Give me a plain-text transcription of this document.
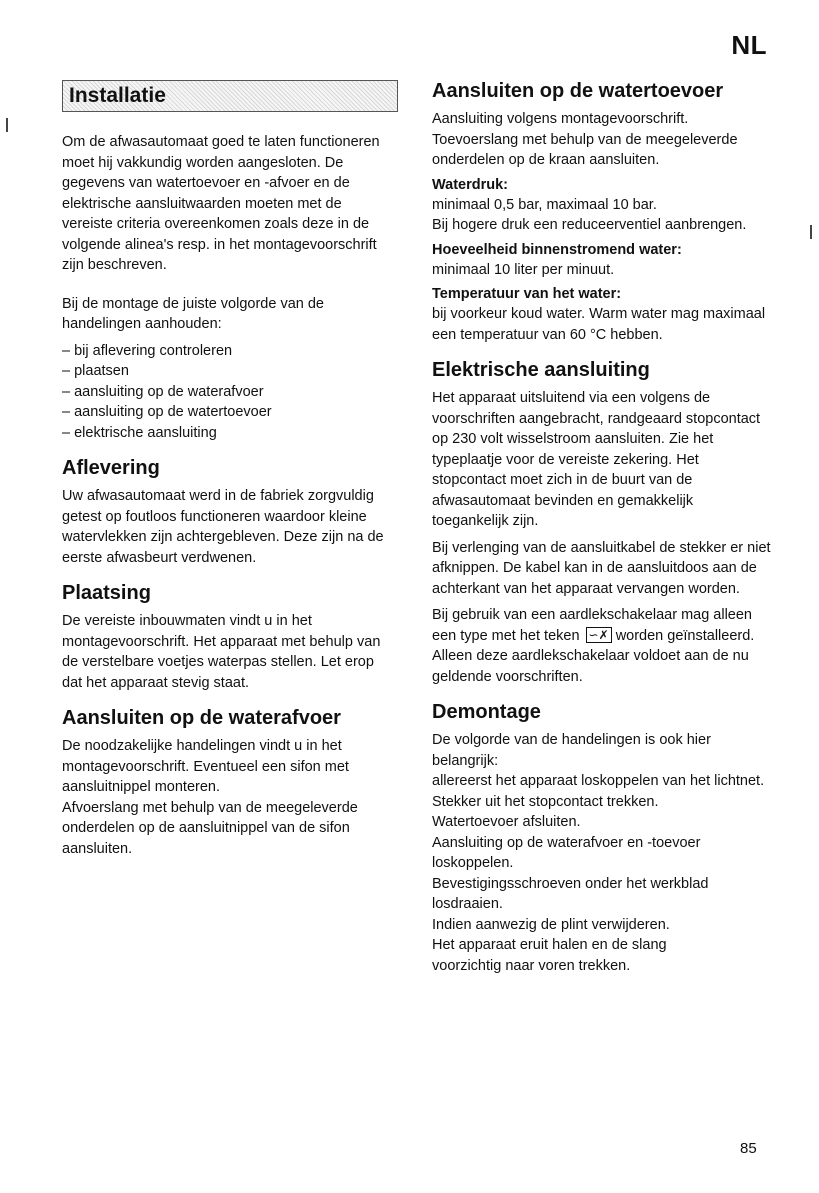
NL
Installatie

Om de afwasautomaat goed te laten functioneren moet hij vakkundig worden aangesloten. De gegevens van watertoevoer en -afvoer en de elektrische aansluitwaarden moeten met de vereiste criteria overeenkomen zoals deze in de volgende alinea's resp. in het montagevoorschrift zijn beschreven.

Bij de montage de juiste volgorde van de handelingen aanhouden:

– bij aflevering controleren
– plaatsen
– aansluiting op de waterafvoer
– aansluiting op de watertoevoer
– elektrische aansluiting
Aflevering

Uw afwasautomaat werd in de fabriek zorgvuldig getest op foutloos functioneren waardoor kleine watervlekken zijn achtergebleven. Deze zijn na de eerste afwasbeurt verdwenen.

Plaatsing

De vereiste inbouwmaten vindt u in het montagevoorschrift. Het apparaat met behulp van de verstelbare voetjes waterpas stellen. Let erop dat het apparaat stevig staat.

Aansluiten op de waterafvoer

De noodzakelijke handelingen vindt u in het montagevoorschrift. Eventueel een sifon met aansluitnippel monteren.

Afvoerslang met behulp van de meegeleverde onderdelen op de aansluitnippel van de sifon aansluiten.

Aansluiten op de watertoevoer

Aansluiting volgens montagevoorschrift. Toevoerslang met behulp van de meegeleverde onderdelen op de kraan aansluiten.

Waterdruk:

minimaal 0,5 bar, maximaal 10 bar.

Bij hogere druk een reduceerventiel aanbrengen.

Hoeveelheid binnenstromend water:

minimaal 10 liter per minuut.

Temperatuur van het water:

bij voorkeur koud water. Warm water mag maximaal een temperatuur van 60 °C hebben.

Elektrische aansluiting

Het apparaat uitsluitend via een volgens de voorschriften aangebracht, randgeaard stopcontact op 230 volt wisselstroom aansluiten. Zie het typeplaatje voor de vereiste zekering. Het stopcontact moet zich in de buurt van de afwasautomaat bevinden en gemakkelijk toegankelijk zijn.

Bij verlenging van de aansluitkabel de stekker er niet afknippen. De kabel kan in de aansluitdoos aan de achterkant van het apparaat vervangen worden.

Bij gebruik van een aardlekschakelaar mag alleen een type met het teken ∽✗ worden geïnstalleerd. Alleen deze aardlekschakelaar voldoet aan de nu geldende voorschriften.

Demontage

De volgorde van de handelingen is ook hier belangrijk:

allereerst het apparaat loskoppelen van het lichtnet.

Stekker uit het stopcontact trekken.

Watertoevoer afsluiten.

Aansluiting op de waterafvoer en -toevoer loskoppelen.

Bevestigingsschroeven onder het werkblad losdraaien.

Indien aanwezig de plint verwijderen.

Het apparaat eruit halen en de slang voorzichtig naar voren trekken.

85
